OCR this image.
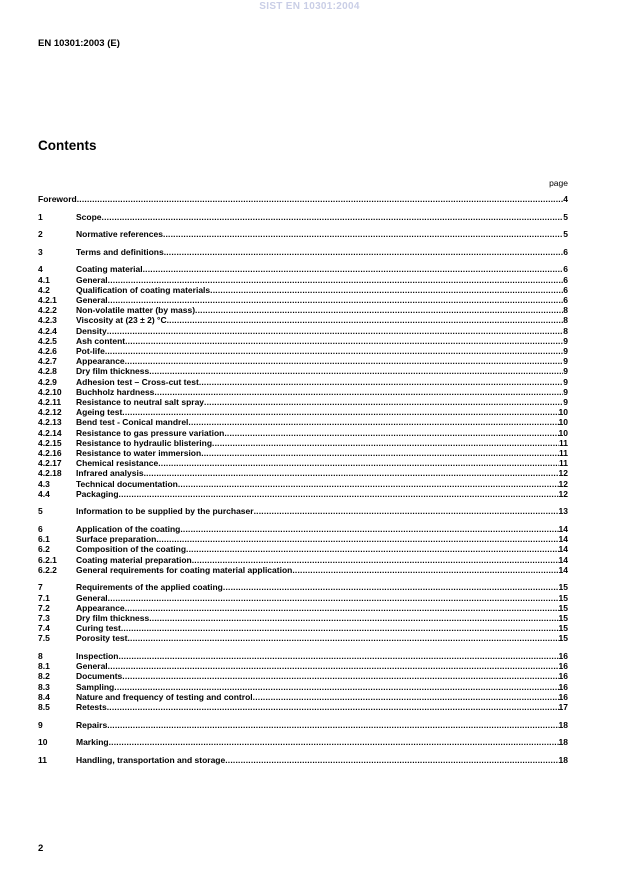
SIST EN 10301:2004
EN 10301:2003 (E)
Contents
page
Foreword .....	4
1	Scope .....	5
2	Normative references .....	5
3	Terms and definitions .....	6
4	Coating material .....	6
4.1	General .....	6
4.2	Qualification of coating materials .....	6
4.2.1	General .....	6
4.2.2	Non-volatile matter (by mass) .....	8
4.2.3	Viscosity at (23 ± 2) °C .....	8
4.2.4	Density .....	8
4.2.5	Ash content .....	9
4.2.6	Pot-life .....	9
4.2.7	Appearance .....	9
4.2.8	Dry film thickness .....	9
4.2.9	Adhesion test – Cross-cut test .....	9
4.2.10	Buchholz hardness .....	9
4.2.11	Resistance to neutral salt spray .....	9
4.2.12	Ageing test .....	10
4.2.13	Bend test - Conical mandrel .....	10
4.2.14	Resistance to gas pressure variation .....	10
4.2.15	Resistance to hydraulic blistering .....	11
4.2.16	Resistance to water immersion .....	11
4.2.17	Chemical resistance .....	11
4.2.18	Infrared analysis .....	12
4.3	Technical documentation .....	12
4.4	Packaging .....	12
5	Information to be supplied by the purchaser .....	13
6	Application of the coating .....	14
6.1	Surface preparation .....	14
6.2	Composition of the coating .....	14
6.2.1	Coating material preparation .....	14
6.2.2	General requirements for coating material application .....	14
7	Requirements of the applied coating .....	15
7.1	General .....	15
7.2	Appearance .....	15
7.3	Dry film thickness .....	15
7.4	Curing test .....	15
7.5	Porosity test .....	15
8	Inspection .....	16
8.1	General .....	16
8.2	Documents .....	16
8.3	Sampling .....	16
8.4	Nature and frequency of testing and control .....	16
8.5	Retests .....	17
9	Repairs .....	18
10	Marking .....	18
11	Handling, transportation and storage .....	18
2
